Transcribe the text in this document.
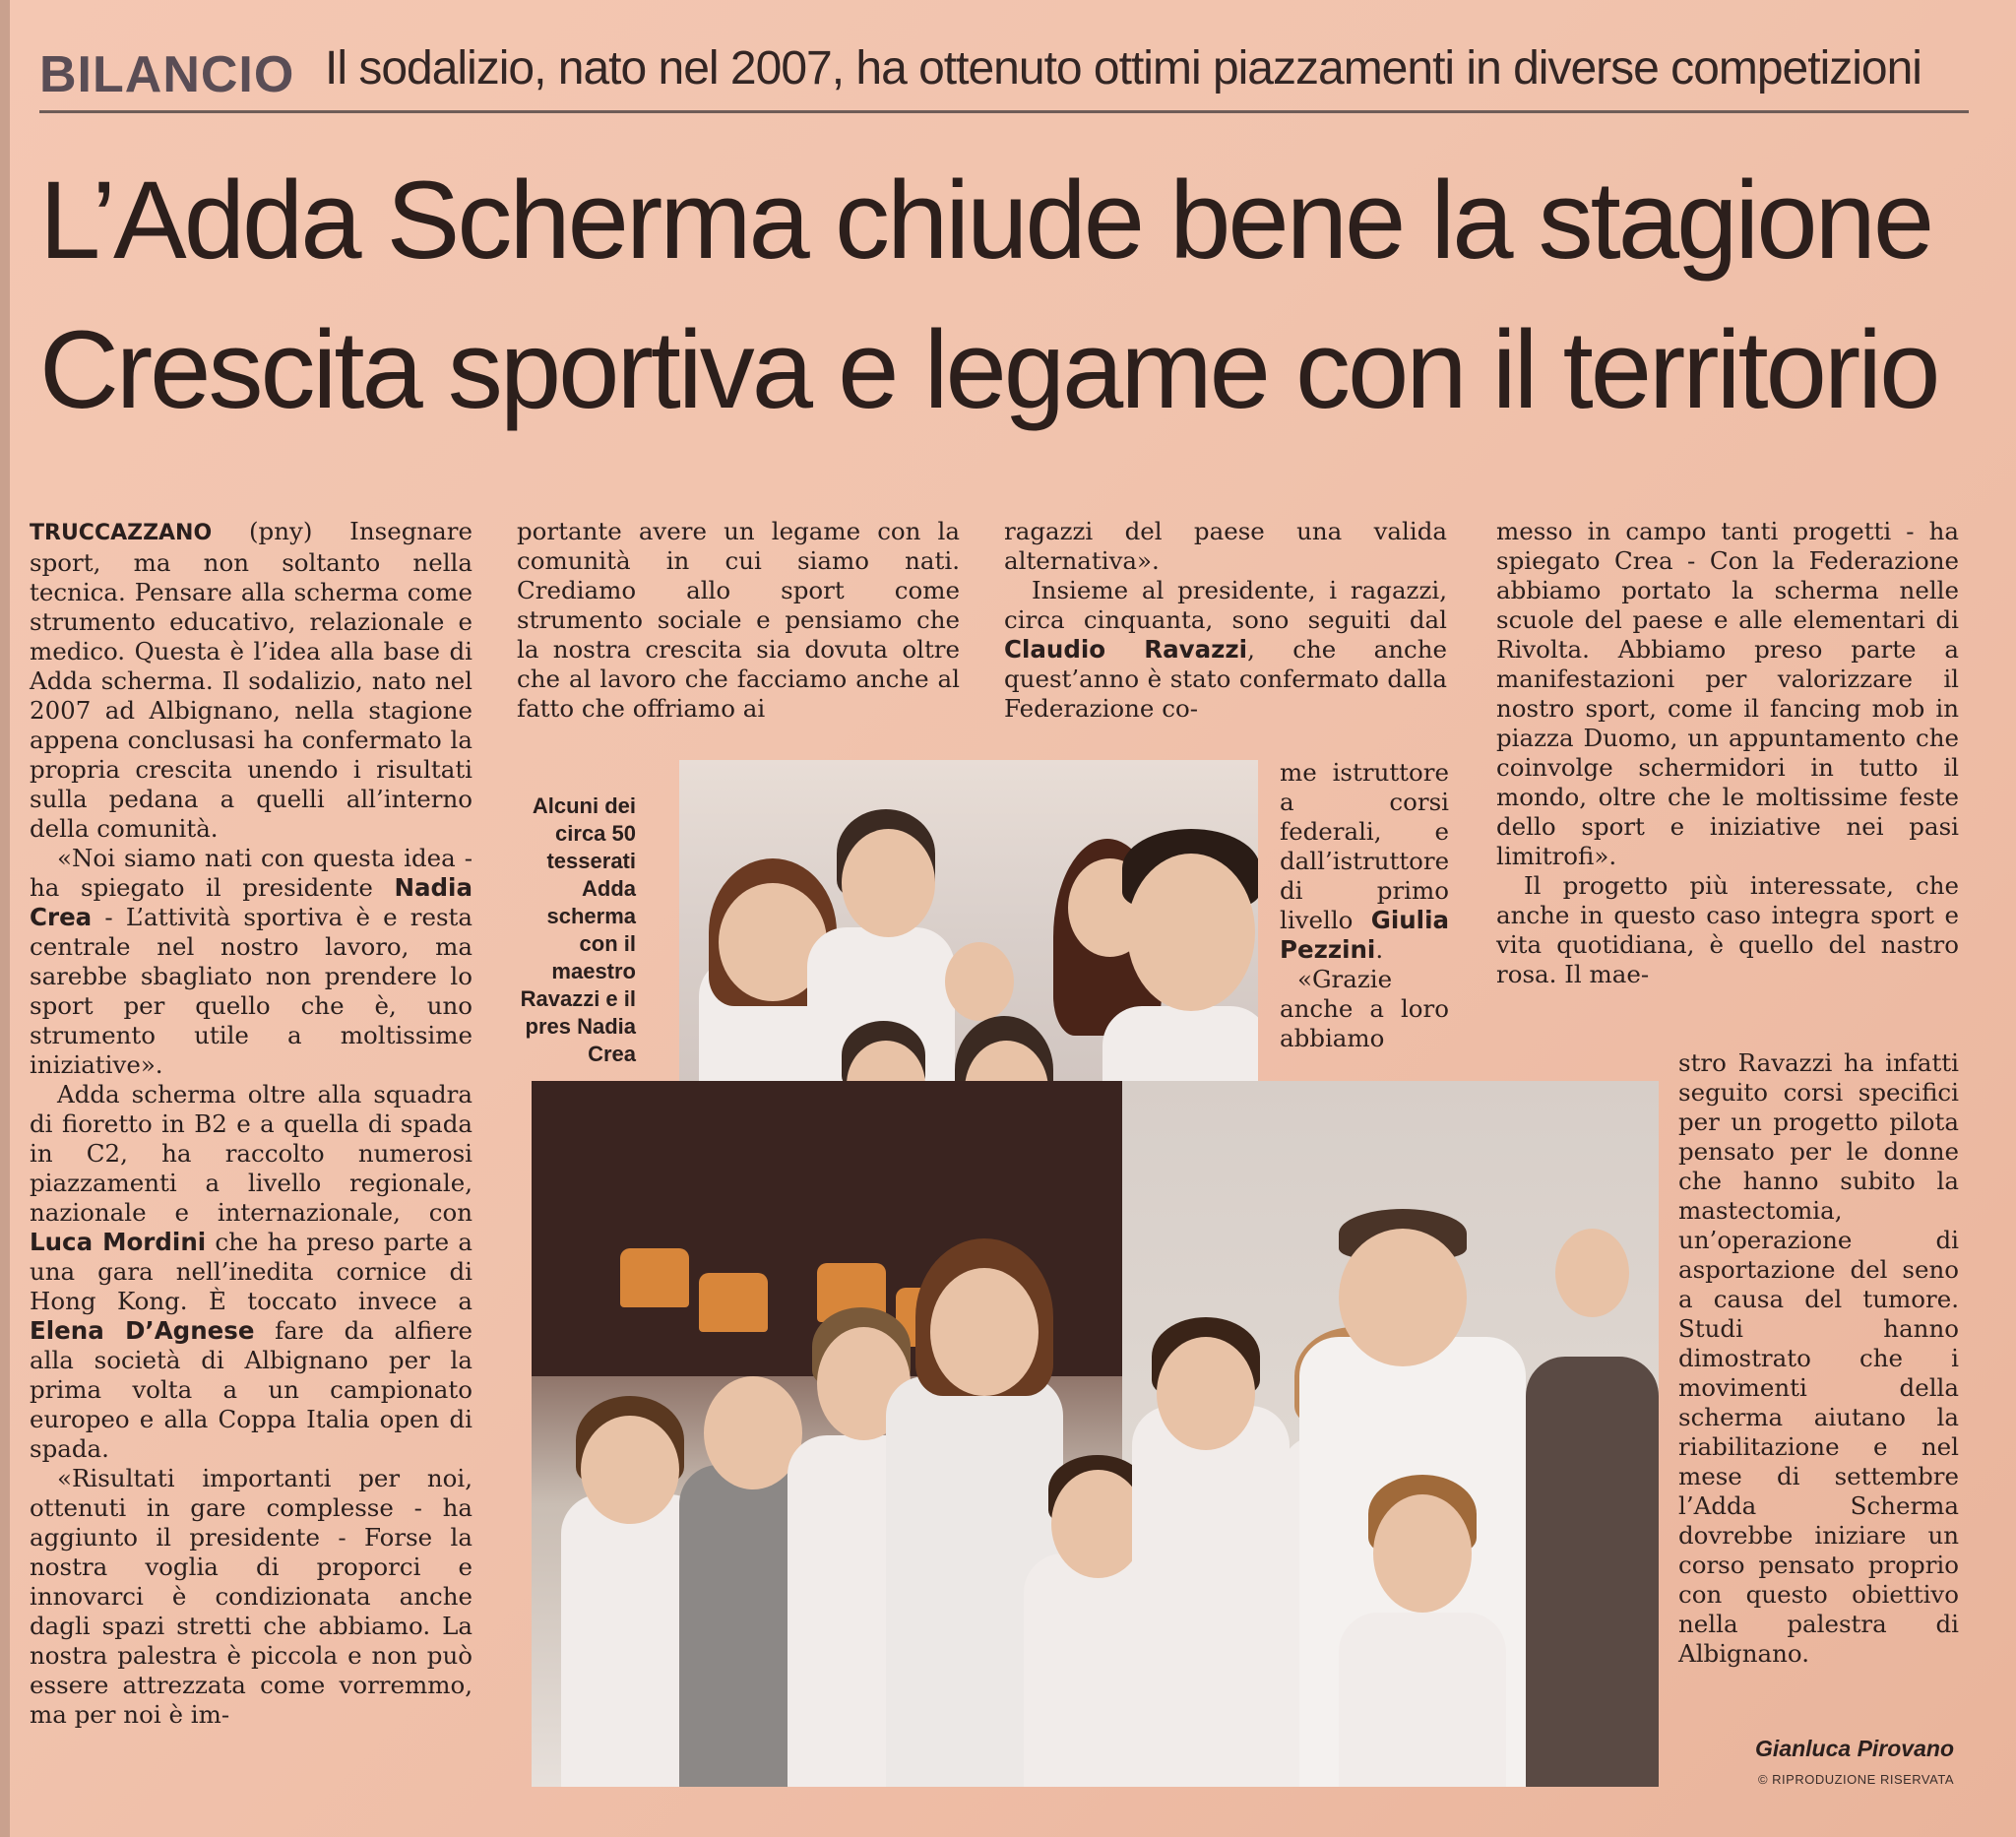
BILANCIO Il sodalizio, nato nel 2007, ha ottenuto ottimi piazzamenti in diverse competizioni
L’Adda Scherma chiude bene la stagione
Crescita sportiva e legame con il territorio

TRUCCAZZANO (pny) Insegnare sport, ma non soltanto nella tecnica. Pensare alla scherma come strumento educativo, relazionale e medico. Questa è l’idea alla base di Adda scherma. Il sodalizio, nato nel 2007 ad Albignano, nella stagione appena conclusasi ha confermato la propria crescita unendo i risultati sulla pedana a quelli all’interno della comunità.

«Noi siamo nati con questa idea - ha spiegato il presidente Nadia Crea - L’attività sportiva è e resta centrale nel nostro lavoro, ma sarebbe sbagliato non prendere lo sport per quello che è, uno strumento utile a moltissime iniziative».

Adda scherma oltre alla squadra di fioretto in B2 e a quella di spada in C2, ha raccolto numerosi piazzamenti a livello regionale, nazionale e internazionale, con Luca Mordini che ha preso parte a una gara nell’inedita cornice di Hong Kong. È toccato invece a Elena D’Agnese fare da alfiere alla società di Albignano per la prima volta a un campionato europeo e alla Coppa Italia open di spada.

«Risultati importanti per noi, ottenuti in gare complesse - ha aggiunto il presidente - Forse la nostra voglia di proporci e innovarci è condizionata anche dagli spazi stretti che abbiamo. La nostra palestra è piccola e non può essere attrezzata come vorremmo, ma per noi è im-

portante avere un legame con la comunità in cui siamo nati. Crediamo allo sport come strumento sociale e pensiamo che la nostra crescita sia dovuta oltre che al lavoro che facciamo anche al fatto che offriamo ai

ragazzi del paese una valida alternativa».

Insieme al presidente, i ragazzi, circa cinquanta, sono seguiti dal Claudio Ravazzi, che anche quest’anno è stato confermato dalla Federazione co-

me istruttore a corsi federali, e dall’istruttore di primo livello Giulia Pezzini.

«Grazie anche a loro abbiamo

messo in campo tanti progetti - ha spiegato Crea - Con la Federazione abbiamo portato la scherma nelle scuole del paese e alle elementari di Rivolta. Abbiamo preso parte a manifestazioni per valorizzare il nostro sport, come il fancing mob in piazza Duomo, un appuntamento che coinvolge schermidori in tutto il mondo, oltre che le moltissime feste dello sport e iniziative nei pasi limitrofi».

Il progetto più interessate, che anche in questo caso integra sport e vita quotidiana, è quello del nastro rosa. Il mae-

stro Ravazzi ha infatti seguito corsi specifici per un progetto pilota pensato per le donne che hanno subito la mastectomia, un’operazione di asportazione del seno a causa del tumore. Studi hanno dimostrato che i movimenti della scherma aiutano la riabilitazione e nel mese di settembre l’Adda Scherma dovrebbe iniziare un corso pensato proprio con questo obiettivo nella palestra di Albignano.

Alcuni dei circa 50 tesserati Adda scherma con il maestro Ravazzi e il pres Nadia Crea
Gianluca Pirovano
© RIPRODUZIONE RISERVATA
